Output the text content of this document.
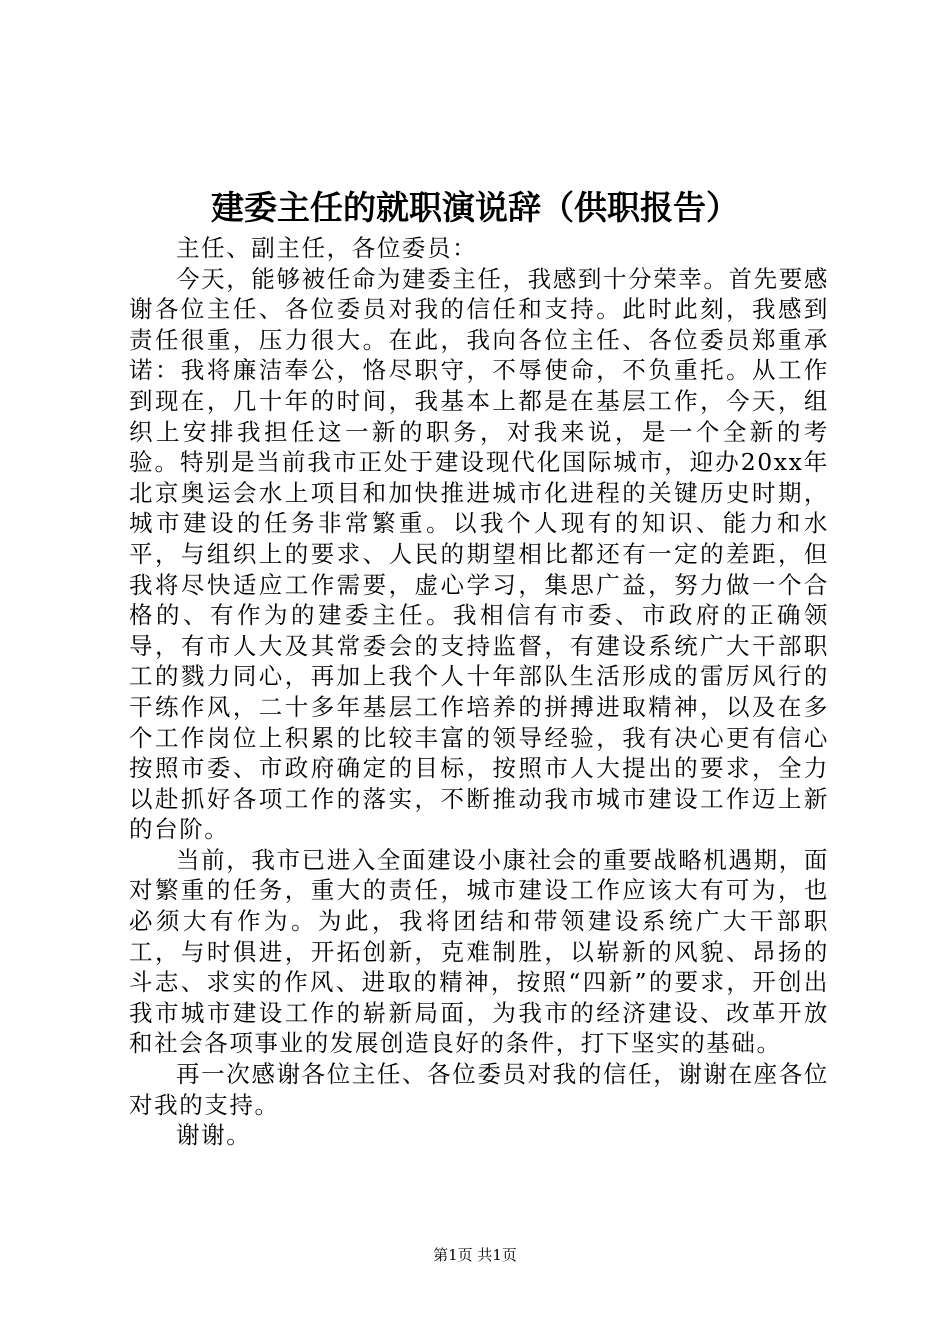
建委主任的就职演说辞（供职报告）

主任、副主任，各位委员：

今天，能够被任命为建委主任，我感到十分荣幸。首先要感谢各位主任、各位委员对我的信任和支持。此时此刻，我感到责任很重，压力很大。在此，我向各位主任、各位委员郑重承诺：我将廉洁奉公，恪尽职守，不辱使命，不负重托。从工作到现在，几十年的时间，我基本上都是在基层工作，今天，组织上安排我担任这一新的职务，对我来说，是一个全新的考验。特别是当前我市正处于建设现代化国际城市，迎办20xx年北京奥运会水上项目和加快推进城市化进程的关键历史时期，城市建设的任务非常繁重。以我个人现有的知识、能力和水平，与组织上的要求、人民的期望相比都还有一定的差距，但我将尽快适应工作需要，虚心学习，集思广益，努力做一个合格的、有作为的建委主任。我相信有市委、市政府的正确领导，有市人大及其常委会的支持监督，有建设系统广大干部职工的戮力同心，再加上我个人十年部队生活形成的雷厉风行的干练作风，二十多年基层工作培养的拼搏进取精神，以及在多个工作岗位上积累的比较丰富的领导经验，我有决心更有信心按照市委、市政府确定的目标，按照市人大提出的要求，全力以赴抓好各项工作的落实，不断推动我市城市建设工作迈上新的台阶。

当前，我市已进入全面建设小康社会的重要战略机遇期，面对繁重的任务，重大的责任，城市建设工作应该大有可为，也必须大有作为。为此，我将团结和带领建设系统广大干部职工，与时俱进，开拓创新，克难制胜，以崭新的风貌、昂扬的斗志、求实的作风、进取的精神，按照“四新”的要求，开创出我市城市建设工作的崭新局面，为我市的经济建设、改革开放和社会各项事业的发展创造良好的条件，打下坚实的基础。

再一次感谢各位主任、各位委员对我的信任，谢谢在座各位对我的支持。

谢谢。

第1页 共1页
